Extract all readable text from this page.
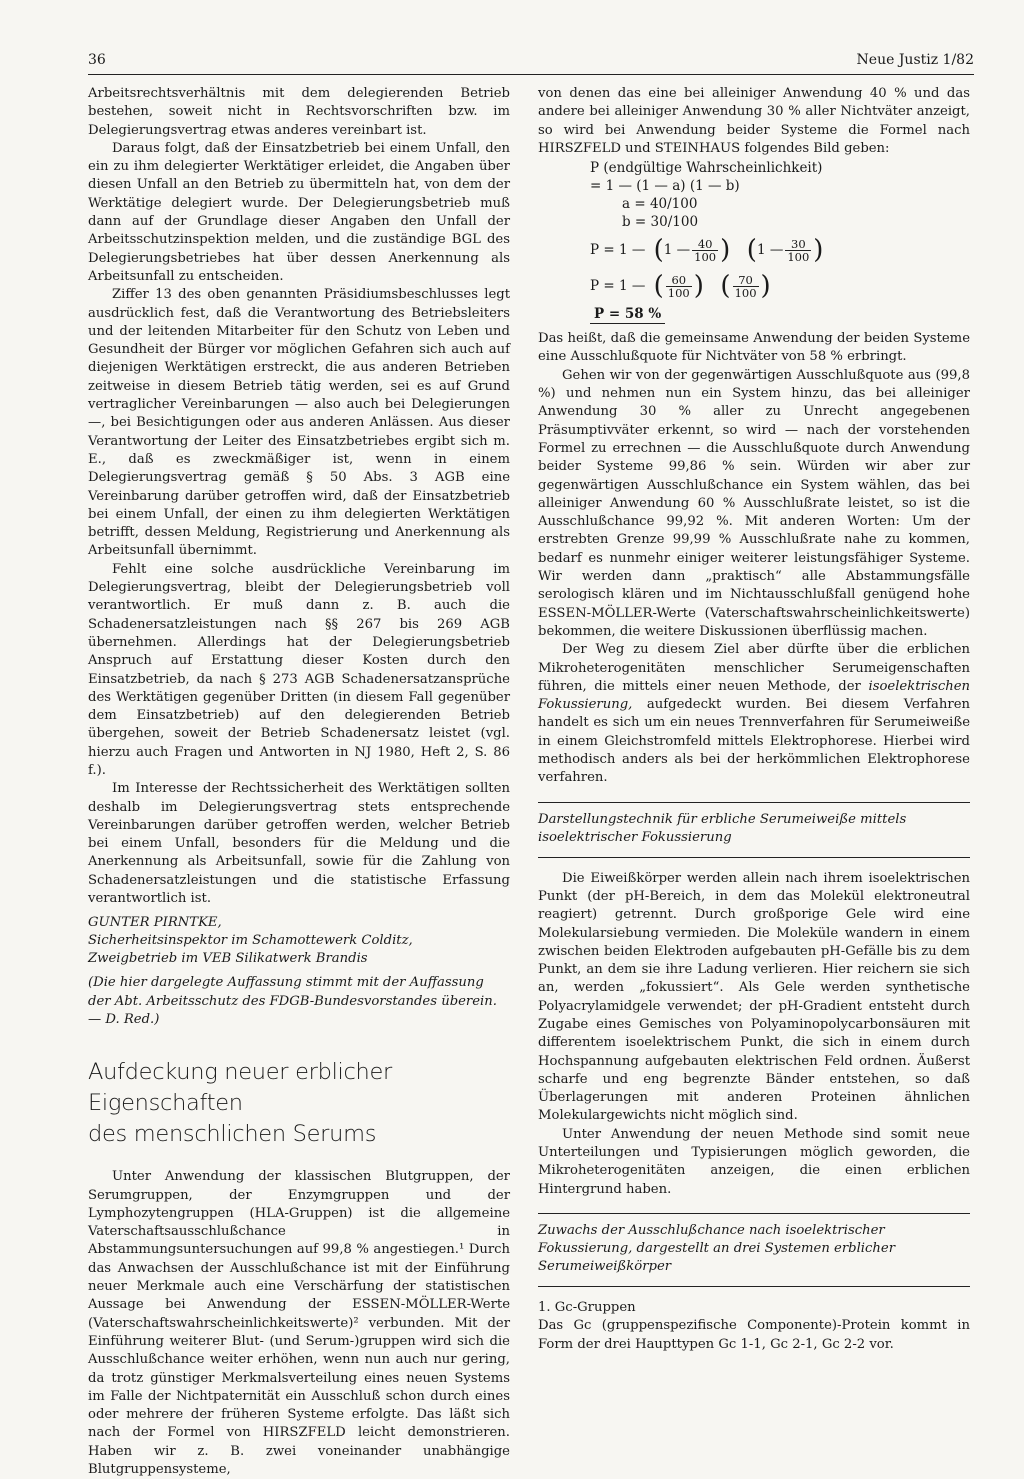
36	Neue Justiz 1/82

Arbeitsrechtsverhältnis mit dem delegierenden Betrieb bestehen, soweit nicht in Rechtsvorschriften bzw. im Delegierungsvertrag etwas anderes vereinbart ist.

Daraus folgt, daß der Einsatzbetrieb bei einem Unfall, den ein zu ihm delegierter Werktätiger erleidet, die Angaben über diesen Unfall an den Betrieb zu übermitteln hat, von dem der Werktätige delegiert wurde. Der Delegierungsbetrieb muß dann auf der Grundlage dieser Angaben den Unfall der Arbeitsschutzinspektion melden, und die zuständige BGL des Delegierungsbetriebes hat über dessen Anerkennung als Arbeitsunfall zu entscheiden.

Ziffer 13 des oben genannten Präsidiumsbeschlusses legt ausdrücklich fest, daß die Verantwortung des Betriebsleiters und der leitenden Mitarbeiter für den Schutz von Leben und Gesundheit der Bürger vor möglichen Gefahren sich auch auf diejenigen Werktätigen erstreckt, die aus anderen Betrieben zeitweise in diesem Betrieb tätig werden, sei es auf Grund vertraglicher Vereinbarungen — also auch bei Delegierungen —, bei Besichtigungen oder aus anderen Anlässen. Aus dieser Verantwortung der Leiter des Einsatzbetriebes ergibt sich m. E., daß es zweckmäßiger ist, wenn in einem Delegierungsvertrag gemäß § 50 Abs. 3 AGB eine Vereinbarung darüber getroffen wird, daß der Einsatzbetrieb bei einem Unfall, der einen zu ihm delegierten Werktätigen betrifft, dessen Meldung, Registrierung und Anerkennung als Arbeitsunfall übernimmt.

Fehlt eine solche ausdrückliche Vereinbarung im Delegierungsvertrag, bleibt der Delegierungsbetrieb voll verantwortlich. Er muß dann z. B. auch die Schadenersatzleistungen nach §§ 267 bis 269 AGB übernehmen. Allerdings hat der Delegierungsbetrieb Anspruch auf Erstattung dieser Kosten durch den Einsatzbetrieb, da nach § 273 AGB Schadenersatzansprüche des Werktätigen gegenüber Dritten (in diesem Fall gegenüber dem Einsatzbetrieb) auf den delegierenden Betrieb übergehen, soweit der Betrieb Schadenersatz leistet (vgl. hierzu auch Fragen und Antworten in NJ 1980, Heft 2, S. 86 f.).

Im Interesse der Rechtssicherheit des Werktätigen sollten deshalb im Delegierungsvertrag stets entsprechende Vereinbarungen darüber getroffen werden, welcher Betrieb bei einem Unfall, besonders für die Meldung und die Anerkennung als Arbeitsunfall, sowie für die Zahlung von Schadenersatzleistungen und die statistische Erfassung verantwortlich ist.

GUNTER PIRNTKE,
Sicherheitsinspektor im Schamottewerk Colditz,
Zweigbetrieb im VEB Silikatwerk Brandis
(Die hier dargelegte Auffassung stimmt mit der Auffassung der Abt. Arbeitsschutz des FDGB-Bundesvorstandes überein. — D. Red.)
Aufdeckung neuer erblicher Eigenschaften
des menschlichen Serums

Unter Anwendung der klassischen Blutgruppen, der Serumgruppen, der Enzymgruppen und der Lymphozytengruppen (HLA-Gruppen) ist die allgemeine Vaterschaftsausschlußchance in Abstammungsuntersuchungen auf 99,8 % angestiegen.¹ Durch das Anwachsen der Ausschlußchance ist mit der Einführung neuer Merkmale auch eine Verschärfung der statistischen Aussage bei Anwendung der ESSEN-MÖLLER-Werte (Vaterschaftswahrscheinlichkeitswerte)² verbunden. Mit der Einführung weiterer Blut- (und Serum-)gruppen wird sich die Ausschlußchance weiter erhöhen, wenn nun auch nur gering, da trotz günstiger Merkmalsverteilung eines neuen Systems im Falle der Nichtpaternität ein Ausschluß schon durch eines oder mehrere der früheren Systeme erfolgte. Das läßt sich nach der Formel von HIRSZFELD leicht demonstrieren. Haben wir z. B. zwei voneinander unabhängige Blutgruppensysteme,

von denen das eine bei alleiniger Anwendung 40 % und das andere bei alleiniger Anwendung 30 % aller Nichtväter anzeigt, so wird bei Anwendung beider Systeme die Formel nach HIRSZFELD und STEINHAUS folgendes Bild geben:

P (endgültige Wahrscheinlichkeit)
= 1 — (1 — a) (1 — b)
a = 40/100
b = 30/100
P = 1 — ( 1 — $\frac{40}{100}$ )  ( 1 — $\frac{30}{100}$ )
P = 1 — ( $\frac{60}{100}$ )  ( $\frac{70}{100}$ )
P = 58 %

Das heißt, daß die gemeinsame Anwendung der beiden Systeme eine Ausschlußquote für Nichtväter von 58 % erbringt.

Gehen wir von der gegenwärtigen Ausschlußquote aus (99,8 %) und nehmen nun ein System hinzu, das bei alleiniger Anwendung 30 % aller zu Unrecht angegebenen Präsumptivväter erkennt, so wird — nach der vorstehenden Formel zu errechnen — die Ausschlußquote durch Anwendung beider Systeme 99,86 % sein. Würden wir aber zur gegenwärtigen Ausschlußchance ein System wählen, das bei alleiniger Anwendung 60 % Ausschlußrate leistet, so ist die Ausschlußchance 99,92 %. Mit anderen Worten: Um der erstrebten Grenze 99,99 % Ausschlußrate nahe zu kommen, bedarf es nunmehr einiger weiterer leistungsfähiger Systeme. Wir werden dann „praktisch“ alle Abstammungsfälle serologisch klären und im Nichtausschlußfall genügend hohe ESSEN-MÖLLER-Werte (Vaterschaftswahrscheinlichkeitswerte) bekommen, die weitere Diskussionen überflüssig machen.

Der Weg zu diesem Ziel aber dürfte über die erblichen Mikroheterogenitäten menschlicher Serumeigenschaften führen, die mittels einer neuen Methode, der isoelektrischen Fokussierung, aufgedeckt wurden. Bei diesem Verfahren handelt es sich um ein neues Trennverfahren für Serumeiweiße in einem Gleichstromfeld mittels Elektrophorese. Hierbei wird methodisch anders als bei der herkömmlichen Elektrophorese verfahren.

Darstellungstechnik für erbliche Serumeiweiße mittels isoelektrischer Fokussierung

Die Eiweißkörper werden allein nach ihrem isoelektrischen Punkt (der pH-Bereich, in dem das Molekül elektroneutral reagiert) getrennt. Durch großporige Gele wird eine Molekularsiebung vermieden. Die Moleküle wandern in einem zwischen beiden Elektroden aufgebauten pH-Gefälle bis zu dem Punkt, an dem sie ihre Ladung verlieren. Hier reichern sie sich an, werden „fokussiert“. Als Gele werden synthetische Polyacrylamidgele verwendet; der pH-Gradient entsteht durch Zugabe eines Gemisches von Polyaminopolycarbonsäuren mit differentem isoelektrischem Punkt, die sich in einem durch Hochspannung aufgebauten elektrischen Feld ordnen. Äußerst scharfe und eng begrenzte Bänder entstehen, so daß Überlagerungen mit anderen Proteinen ähnlichen Molekulargewichts nicht möglich sind.

Unter Anwendung der neuen Methode sind somit neue Unterteilungen und Typisierungen möglich geworden, die Mikroheterogenitäten anzeigen, die einen erblichen Hintergrund haben.

Zuwachs der Ausschlußchance nach isoelektrischer Fokussierung, dargestellt an drei Systemen erblicher Serumeiweißkörper
1. Gc-Gruppen

Das Gc (gruppenspezifische Componente)-Protein kommt in Form der drei Haupttypen Gc 1-1, Gc 2-1, Gc 2-2 vor.
